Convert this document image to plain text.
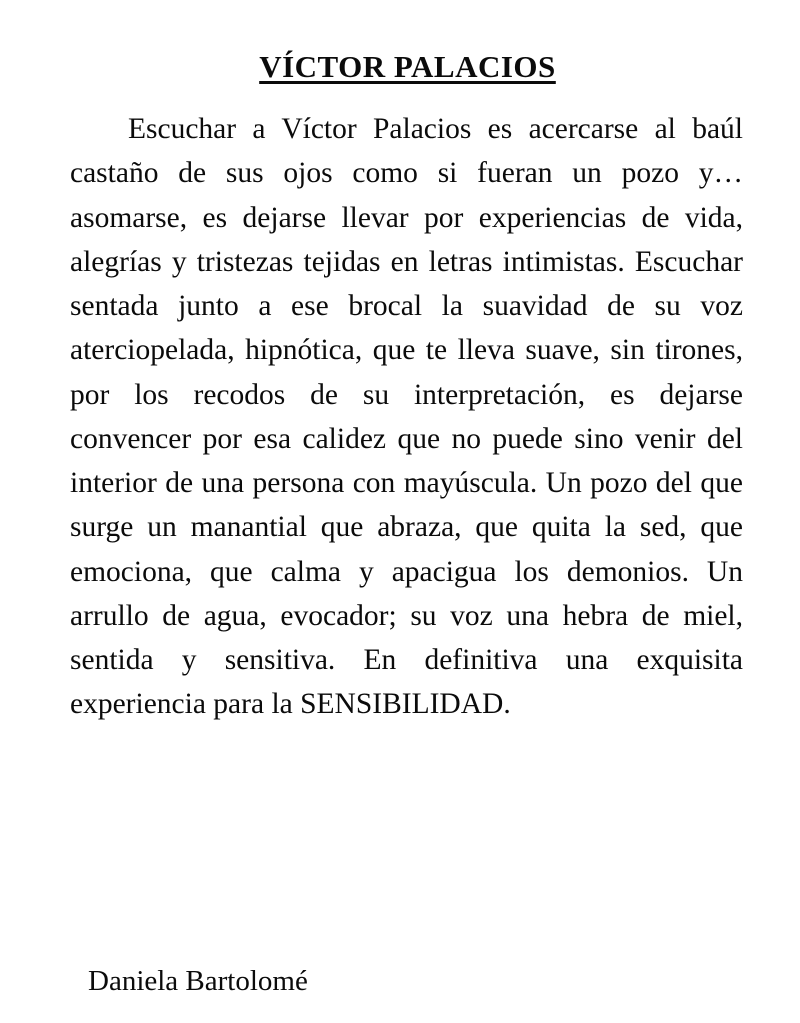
VÍCTOR PALACIOS

Escuchar a Víctor Palacios es acercarse al baúl castaño de sus ojos como si fueran un pozo y… asomarse, es dejarse llevar por experiencias de vida, alegrías y tristezas tejidas en letras intimistas. Escuchar sentada junto a ese brocal la suavidad de su voz aterciopelada, hipnótica, que te lleva suave, sin tirones, por los recodos de su interpretación, es dejarse convencer por esa calidez que no puede sino venir del interior de una persona con mayúscula. Un pozo del que surge un manantial que abraza, que quita la sed, que emociona, que calma y apacigua los demonios. Un arrullo de agua, evocador; su voz una hebra de miel, sentida y sensitiva. En definitiva una exquisita experiencia para la SENSIBILIDAD.

Daniela Bartolomé
